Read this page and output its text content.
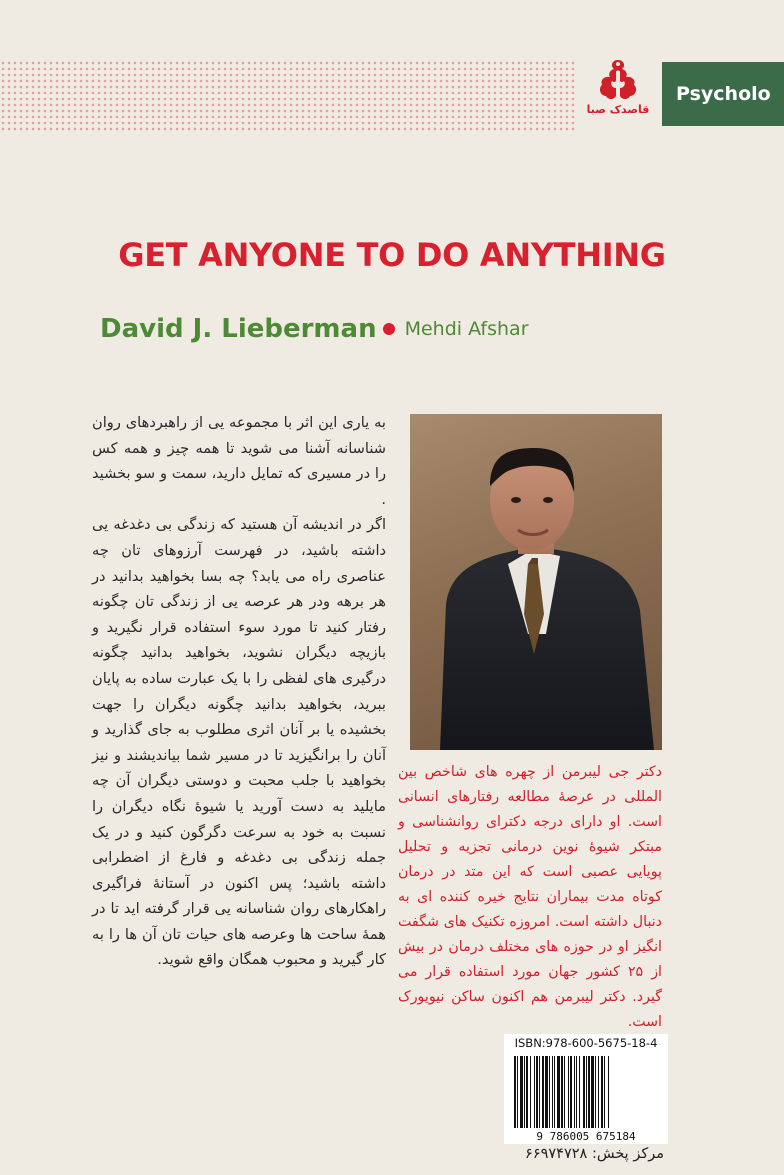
قاصدک صبا
Psycholo
GET ANYONE TO DO ANYTHING
David J. Lieberman Mehdi Afshar

به یاری این اثر با مجموعه یی از راهبردهای روان شناسانه آشنا می شوید تا همه چیز و همه کس را در مسیری که تمایل دارید، سمت و سو بخشید .

اگر در اندیشه آن هستید که زندگی بی دغدغه یی داشته باشید، در فهرست آرزوهای تان چه عناصری راه می یابد؟ چه بسا بخواهید بدانید در هر برهه ودر هر عرصه یی از زندگی تان چگونه رفتار کنید تا مورد سوء استفاده قرار نگیرید و بازیچه دیگران نشوید، بخواهید بدانید چگونه درگیری های لفظی را با یک عبارت ساده به پایان ببرید، بخواهید بدانید چگونه دیگران را جهت بخشیده یا بر آنان اثری مطلوب به جای گذارید و آنان را برانگیزید تا در مسیر شما بیاندیشند و نیز بخواهید با جلب محبت و دوستی دیگران آن چه مایلید به دست آورید یا شیوهٔ نگاه دیگران را نسبت به خود به سرعت دگرگون کنید و در یک جمله زندگی بی دغدغه و فارغ از اضطرابی داشته باشید؛ پس اکنون در آستانهٔ فراگیری راهکارهای روان شناسانه یی قرار گرفته اید تا در همهٔ ساحت ها وعرصه های حیات تان آن ها را به کار گیرید و محبوب همگان واقع شوید.

دکتر جی لیبرمن از چهره های شاخص بین المللی در عرصهٔ مطالعه رفتارهای انسانی است. او دارای درجه دکترای روانشناسی و مبتکر شیوهٔ نوین درمانی تجزیه و تحلیل پویایی عصبی است که این متد در درمان کوتاه مدت بیماران نتایج خیره کننده ای به دنبال داشته است. امروزه تکنیک های شگفت انگیز او در حوزه های مختلف درمان در بیش از ۲۵ کشور جهان مورد استفاده قرار می گیرد. دکتر لیبرمن هم اکنون ساکن نیویورک است.
ISBN:978-600-5675-18-4
9 786005 675184
مرکز پخش: ۶۶۹۷۴۷۲۸
